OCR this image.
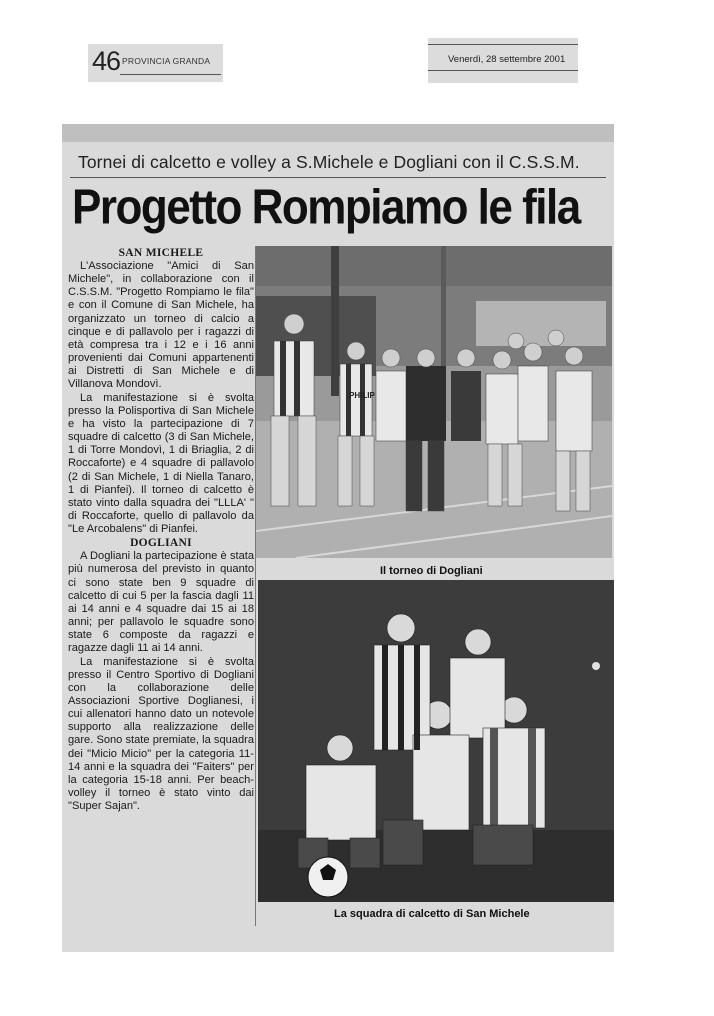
46 PROVINCIA GRANDA	Venerdì, 28 settembre 2001
Tornei di calcetto e volley a S.Michele e Dogliani con il C.S.S.M.
Progetto Rompiamo le fila
SAN MICHELE

L'Associazione "Amici di San Michele", in collaborazione con il C.S.S.M. "Progetto Rompiamo le fila" e con il Comune di San Michele, ha organizzato un torneo di calcio a cinque e di pallavolo per i ragazzi di età compresa tra i 12 e i 16 anni provenienti dai Comuni appartenenti ai Distretti di San Michele e di Villanova Mondovì.

La manifestazione si è svolta presso la Polisportiva di San Michele e ha visto la partecipazione di 7 squadre di calcetto (3 di San Michele, 1 di Torre Mondovì, 1 di Briaglia, 2 di Roccaforte) e 4 squadre di pallavolo (2 di San Michele, 1 di Niella Tanaro, 1 di Pianfei). Il torneo di calcetto è stato vinto dalla squadra dei "LLLA' " di Roccaforte, quello di pallavolo da "Le Arcobalens" di Pianfei.

DOGLIANI

A Dogliani la partecipazione è stata più numerosa del previsto in quanto ci sono state ben 9 squadre di calcetto di cui 5 per la fascia dagli 11 ai 14 anni e 4 squadre dai 15 ai 18 anni; per pallavolo le squadre sono state 6 composte da ragazzi e ragazze dagli 11 ai 14 anni.

La manifestazione si è svolta presso il Centro Sportivo di Dogliani con la collaborazione delle Associazioni Sportive Doglianesi, i cui allenatori hanno dato un notevole supporto alla realizzazione delle gare. Sono state premiate, la squadra dei "Micio Micio" per la categoria 11-14 anni e la squadra dei "Faiters" per la categoria 15-18 anni. Per beach-volley il torneo è stato vinto dai "Super Sajan".

PHILIP
Il torneo di Dogliani
La squadra di calcetto di San Michele
